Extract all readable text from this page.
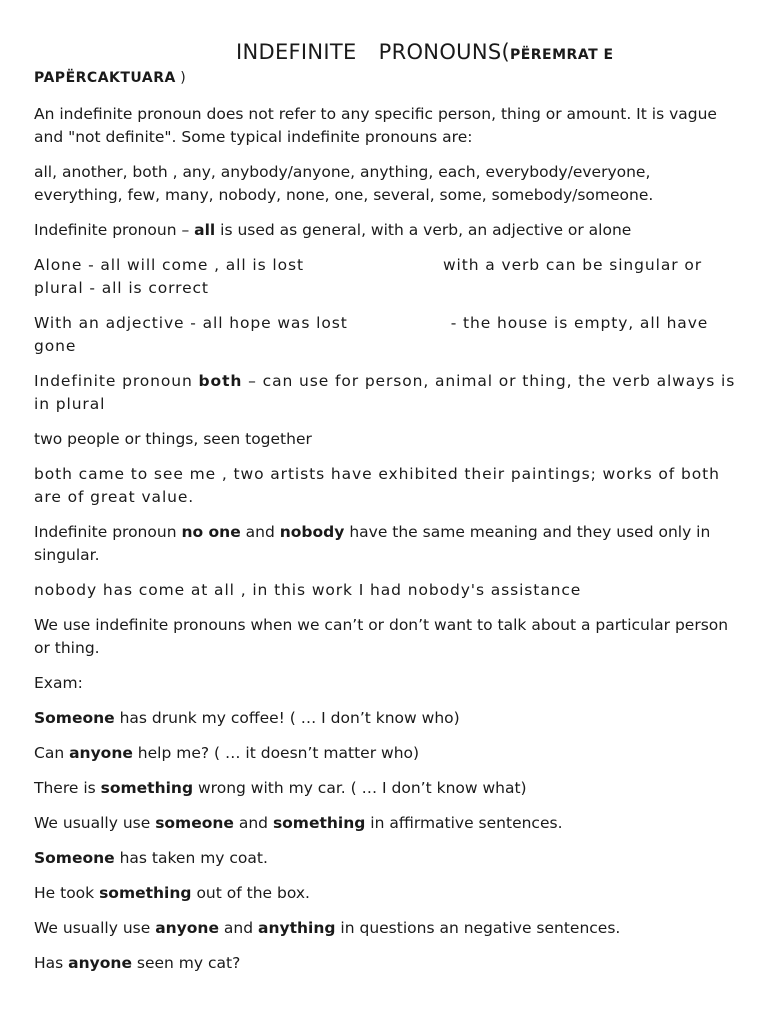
INDEFINITE PRONOUNS(PËREMRAT E
PAPËRCAKTUARA )

An indefinite pronoun does not refer to any specific person, thing or amount. It is vague and "not definite". Some typical indefinite pronouns are:

all, another, both , any, anybody/anyone, anything, each, everybody/everyone, everything, few, many, nobody, none, one, several, some, somebody/someone.

Indefinite pronoun – all is used as general, with a verb, an adjective or alone

Alone - all will come , all is lost	with a verb can be singular or plural - all is correct

With an adjective - all hope was lost	- the house is empty, all have gone

Indefinite pronoun both – can use for person, animal or thing, the verb always is in plural

two people or things, seen together

both came to see me , two artists have exhibited their paintings; works of both are of great value.

Indefinite pronoun no one and nobody have the same meaning and they used only in singular.

nobody has come at all , in this work I had nobody's assistance

We use indefinite pronouns when we can’t or don’t want to talk about a particular person or thing.

Exam:

Someone has drunk my coffee! ( … I don’t know who)

Can anyone help me? ( … it doesn’t matter who)

There is something wrong with my car. ( … I don’t know what)

We usually use someone and something in affirmative sentences.

Someone has taken my coat.

He took something out of the box.

We usually use anyone and anything in questions an negative sentences.

Has anyone seen my cat?
